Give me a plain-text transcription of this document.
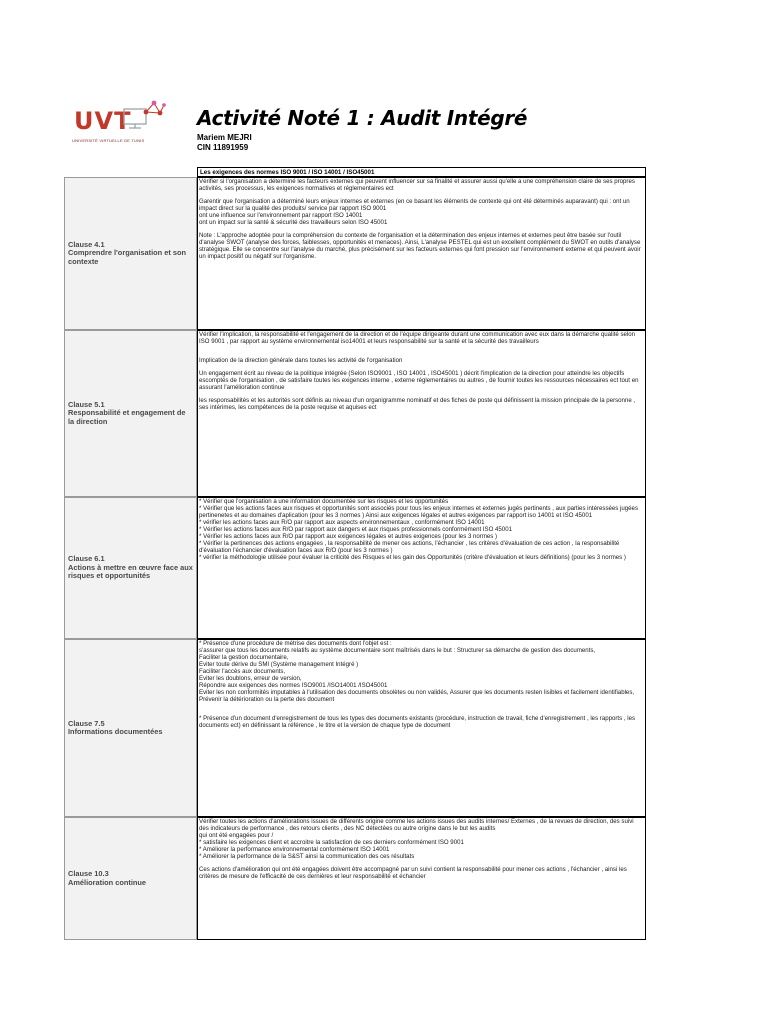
UVT
UNIVERSITÉ VIRTUELLE DE TUNIS
Activité Noté 1 : Audit Intégré
Mariem MEJRI
CIN 11891959
Les exigences des normes ISO 9001 / ISO 14001 / ISO45001
Clause 4.1
Comprendre l'organisation et son contexte

Vérifier si l'organisation a déterminé les facteurs externes qui peuvent influencer sur sa finalité et assurer aussi qu'elle a une compréhension claire de ses propres activités, ses processus, les exigences normatives et réglementaires ect

Garentir que l'organisation a déterminé leurs enjeux internes et externes (en ce basant les éléments de contexte qui ont été déterminés auparavant) qui : ont un impact direct sur la qualité des produits/ service par rapport ISO 9001
ont une influence sur l'environnement par rapport ISO 14001
ont un impact sur la santé & sécurité des travailleurs selon ISO 45001

Note : L'approche adoptée pour la compréhension du contexte de l'organisation et la détermination des enjeux internes et externes peut être basée sur l'outil d'analyse SWOT (analyse des forces, faiblesses, opportunités et menaces). Ainsi, L'analyse PESTEL qui est un excellent complément du SWOT en outils d'analyse stratégique. Elle se concentre sur l'analyse du marché, plus précisément sur les facteurs externes qui font pression sur l'environnement externe et qui peuvent avoir un impact positif ou négatif sur l'organisme.

Clause 5.1
Responsabilité et engagement de la direction

Vérifier l'implication, la responsabilité et l'engagement de la direction et de l'équipe dirigeante durant une communication avec eux dans la démarche qualité selon ISO 9001 , par rapport au système environnemental iso14001 et leurs responsabilité sur la santé et la sécurité des travailleurs

Implication de la direction générale dans toutes les activité de l'organisation

Un engagement écrit au niveau de la politique intégrée (Selon ISO9001 , ISO 14001 , ISO45001 ) décrit l'implication de la direction pour atteindre les objectifs escomptés de l'organisation , de satisfaire toutes les exigences interne , externe réglementaires ou autres , de fournir toutes les ressources nécessaires ect tout en assurant l'amélioration continue

les responsabilités et les autorités sont définis au niveau d'un organigramme nominatif et des fiches de poste qui définissent la mission principale de la personne , ses intérimes, les compétences de la poste requise et aquises ect

Clause 6.1
Actions à mettre en œuvre face aux risques et opportunités

* Vérifier que l'organisation a une information documentée sur les risques et les opportunités
* Vérifier que les actions faces aux risques et opportunités sont associés pour tous les enjeux internes et externes jugés pertinents , aux parties intéressées jugées pertinenetes et au domaines d'aplication (pour les 3 normes ) Ainsi aux exigences légales et autres exigences par rapport iso 14001 et ISO 45001
* vérifier les actions faces aux R/O par rapport aux aspects environnementaux , conformément ISO 14001
* Vérifier les actions faces aux R/O par rapport aux dangers et aux risques professionnels conformément ISO 45001
* Vérifier les actions faces aux R/O par rapport aux exigences légales et autres exigences (pour les 3 normes )
* Vérifier la pertinences des actions engagées , la responsabilité de mener ces actions, l'échancier , les critères d'évaluation de ces action , la responsabilité d'évaluation l'échancier d'évaluation faces aux R/O (pour les 3 normes )
* vérifier la méthodologie utilisée pour évaluer la criticité des Risques et les gain des Opportunités (critère d'évaluation et leurs définitions) (pour les 3 normes )

Clause 7.5
Informations documentées

* Présence d'une procédure de métrise des documents dont l'objet est :
s'assurer que tous les documents relatifs au système documentaire sont maîtrisés dans le but : Structurer sa démarche de gestion des documents,
Faciliter la gestion documentaire,
Eviter toute dérive du SMI (Système management Intégré )
Faciliter l'accès aux documents,
Eviter les doublons, erreur de version,
Répondre aux exigences des normes ISO9001 /ISO14001 /ISO45001
Eviter les non conformités imputables à l'utilisation des documents obsolètes ou non validés, Assurer que les documents resten lisibles et facilement identifiables,
Prévenir la détérioration ou la perte des document

* Présence d'un document d'enregistrement de tous les types des documents existants (procédure, instruction de travail, fiche d'enregistrement , les rapports , les documents ect) en définissant la référence , le titre et la version de chaque type de document

Clause 10.3
Amélioration continue

Vérifier toutes les actions d'améliorations issues de différents origine comme les actions issues des audits internes/ Externes , de la revues de direction, des suivi des indicateurs de performance , des retours clients , des NC détectées ou autre origine dans le but les audits
qui ont été engagées pour /
* satisfaire les exigences client et accroitre la satisfaction de ces derniers conformément ISO 9001
* Améliorer la performance environnemental conformément ISO 14001
* Améliorer la performance de la S&ST ainsi la communication des ces résultats

Ces actions d'amélioration qui ont été engagées doivent être accompagné par un suivi contient la responsabilité pour mener ces actions , l'échancier , ainsi les critères de mesure de l'efficacité de ces dernières et leur responsabilité et échancier
